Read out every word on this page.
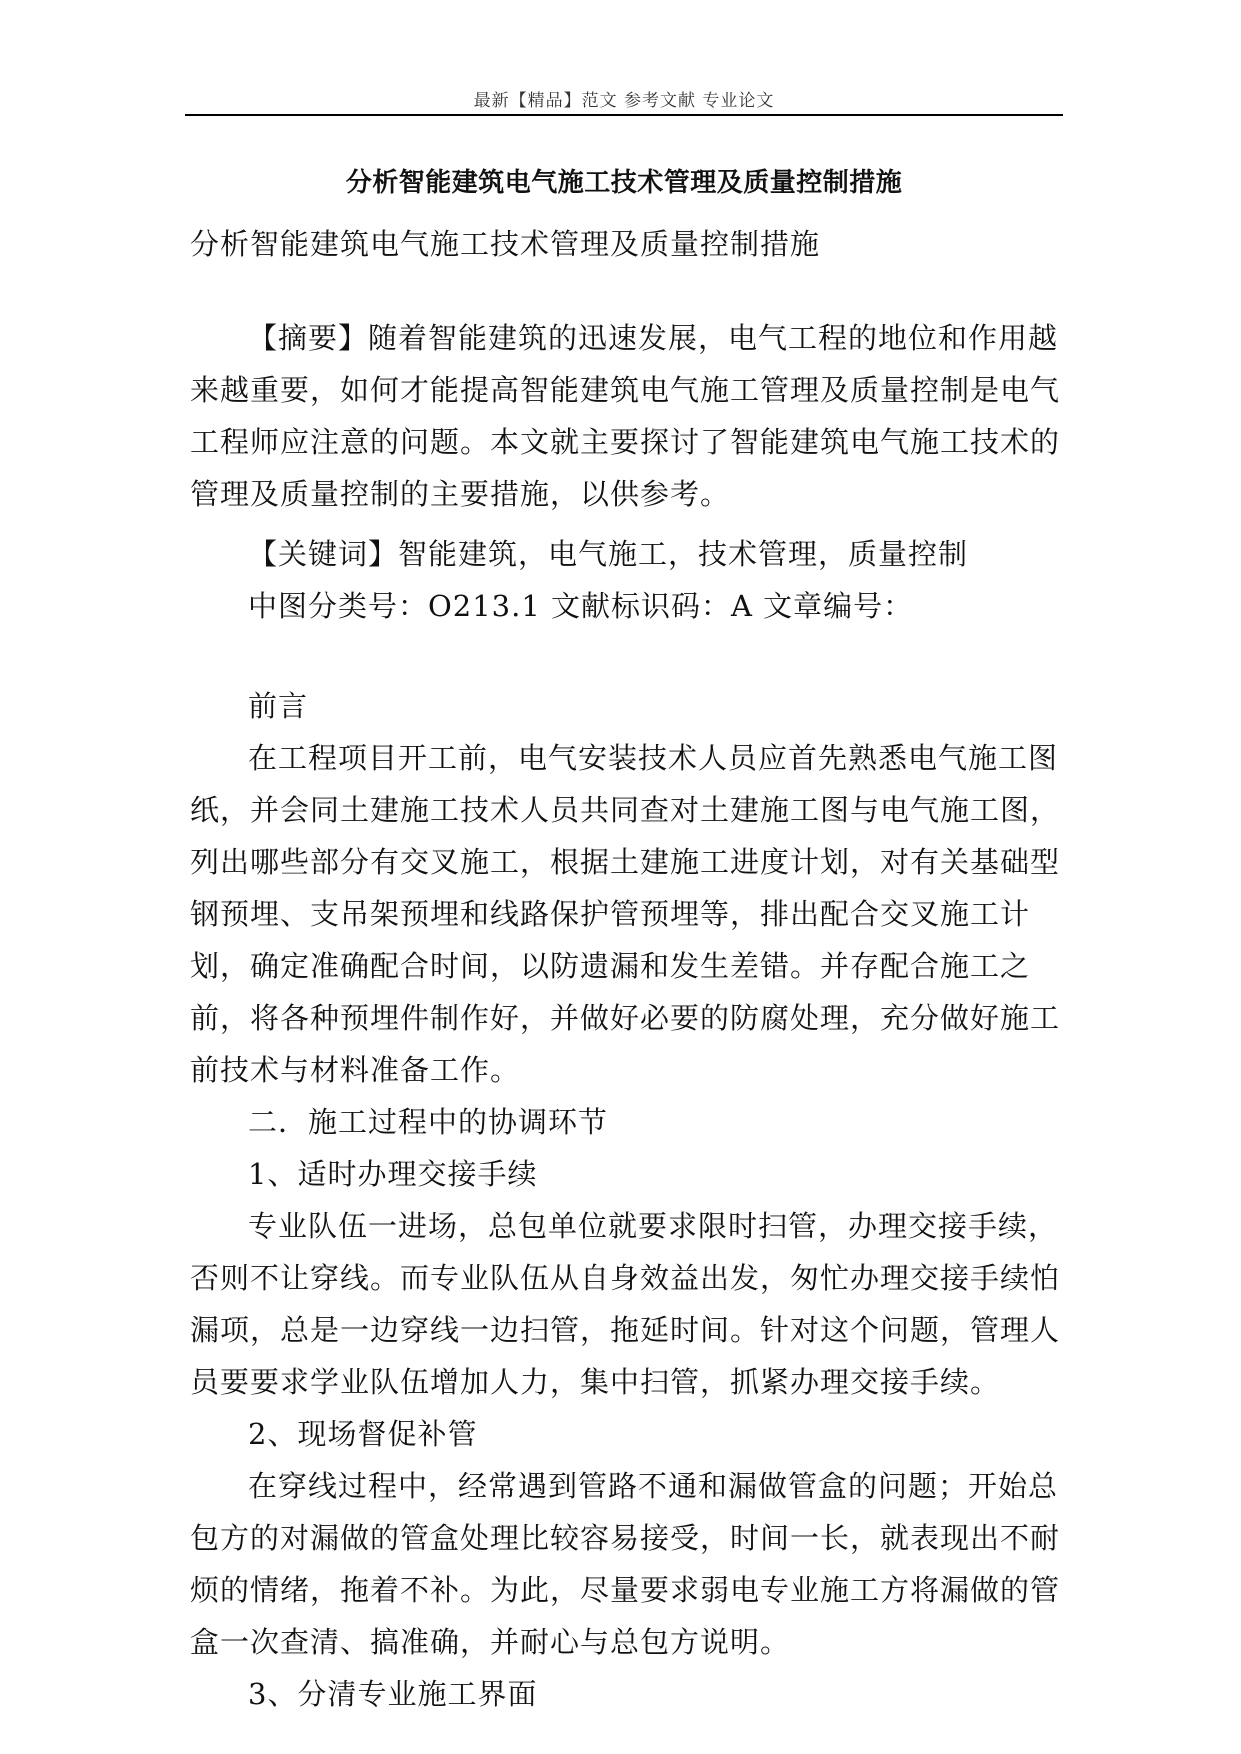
最新【精品】范文 参考文献 专业论文
分析智能建筑电气施工技术管理及质量控制措施
分析智能建筑电气施工技术管理及质量控制措施

【摘要】随着智能建筑的迅速发展，电气工程的地位和作用越来越重要，如何才能提高智能建筑电气施工管理及质量控制是电气工程师应注意的问题。本文就主要探讨了智能建筑电气施工技术的管理及质量控制的主要措施，以供参考。

【关键词】智能建筑，电气施工，技术管理，质量控制

中图分类号：O213.1 文献标识码：A 文章编号：

前言

在工程项目开工前，电气安装技术人员应首先熟悉电气施工图纸，并会同土建施工技术人员共同查对土建施工图与电气施工图，列出哪些部分有交叉施工，根据土建施工进度计划，对有关基础型钢预埋、支吊架预埋和线路保护管预埋等，排出配合交叉施工计划，确定准确配合时间，以防遗漏和发生差错。并存配合施工之前，将各种预埋件制作好，并做好必要的防腐处理，充分做好施工前技术与材料准备工作。

二．施工过程中的协调环节

1、适时办理交接手续

专业队伍一进场，总包单位就要求限时扫管，办理交接手续，否则不让穿线。而专业队伍从自身效益出发，匆忙办理交接手续怕漏项，总是一边穿线一边扫管，拖延时间。针对这个问题，管理人员要要求学业队伍增加人力，集中扫管，抓紧办理交接手续。

2、现场督促补管

在穿线过程中，经常遇到管路不通和漏做管盒的问题；开始总包方的对漏做的管盒处理比较容易接受，时间一长，就表现出不耐烦的情绪，拖着不补。为此，尽量要求弱电专业施工方将漏做的管盒一次查清、搞准确，并耐心与总包方说明。

3、分清专业施工界面
